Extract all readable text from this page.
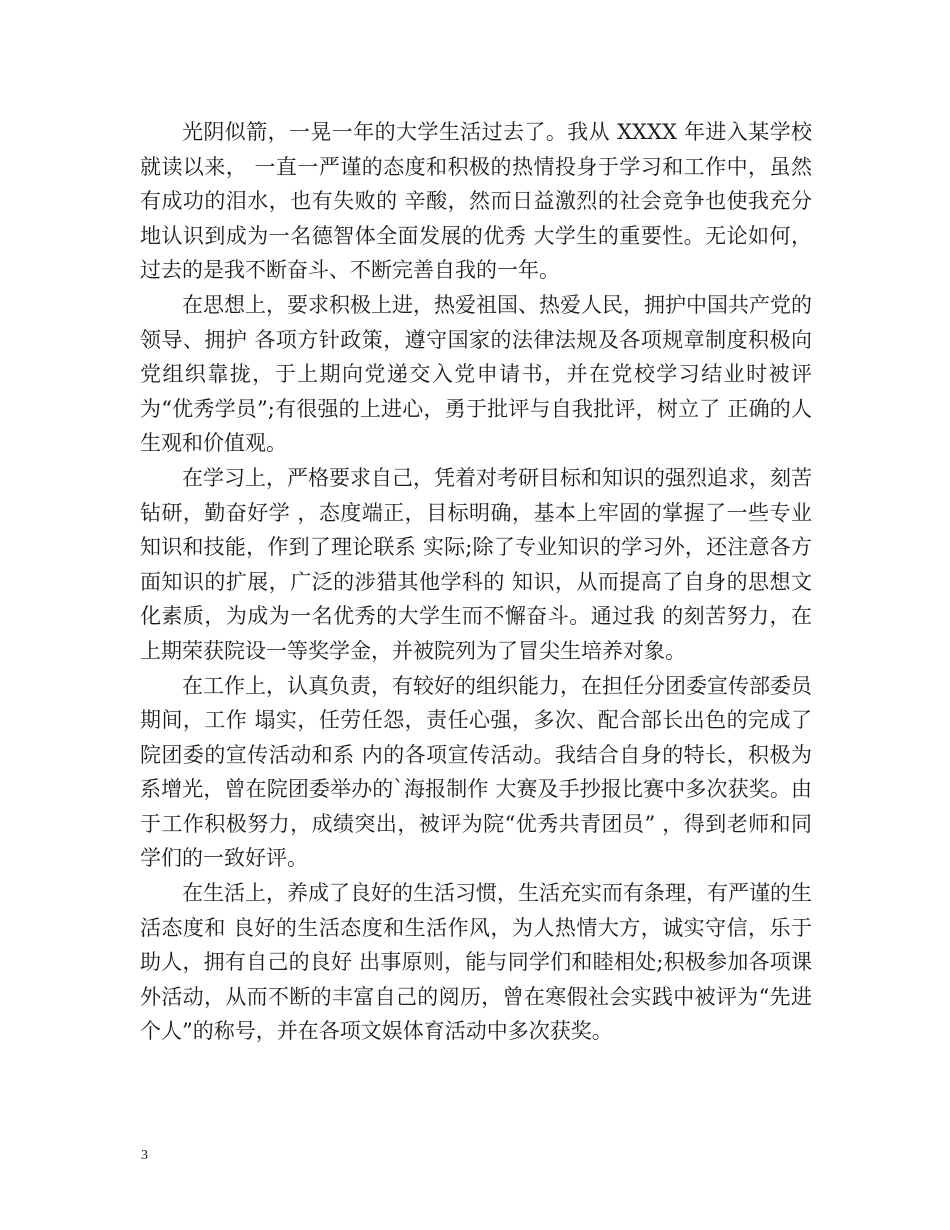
光阴似箭，一晃一年的大学生活过去了。我从 XXXX 年进入某学校就读以来， 一直一严谨的态度和积极的热情投身于学习和工作中，虽然有成功的泪水，也有失败的 辛酸，然而日益激烈的社会竞争也使我充分地认识到成为一名德智体全面发展的优秀 大学生的重要性。无论如何，过去的是我不断奋斗、不断完善自我的一年。

在思想上，要求积极上进，热爱祖国、热爱人民，拥护中国共产党的领导、拥护 各项方针政策，遵守国家的法律法规及各项规章制度积极向党组织靠拢，于上期向党递交入党申请书，并在党校学习结业时被评为“优秀学员”;有很强的上进心，勇于批评与自我批评，树立了 正确的人生观和价值观。

在学习上，严格要求自己，凭着对考研目标和知识的强烈追求，刻苦钻研，勤奋好学 ，态度端正，目标明确，基本上牢固的掌握了一些专业知识和技能，作到了理论联系 实际;除了专业知识的学习外，还注意各方面知识的扩展，广泛的涉猎其他学科的 知识，从而提高了自身的思想文化素质，为成为一名优秀的大学生而不懈奋斗。通过我 的刻苦努力，在上期荣获院设一等奖学金，并被院列为了冒尖生培养对象。

在工作上，认真负责，有较好的组织能力，在担任分团委宣传部委员期间，工作 塌实，任劳任怨，责任心强，多次、配合部长出色的完成了院团委的宣传活动和系 内的各项宣传活动。我结合自身的特长，积极为系增光，曾在院团委举办的`海报制作 大赛及手抄报比赛中多次获奖。由于工作积极努力，成绩突出，被评为院“优秀共青团员” ，得到老师和同学们的一致好评。

在生活上，养成了良好的生活习惯，生活充实而有条理，有严谨的生活态度和 良好的生活态度和生活作风，为人热情大方，诚实守信，乐于助人，拥有自己的良好 出事原则，能与同学们和睦相处;积极参加各项课外活动，从而不断的丰富自己的阅历，曾在寒假社会实践中被评为“先进个人”的称号，并在各项文娱体育活动中多次获奖。

3
